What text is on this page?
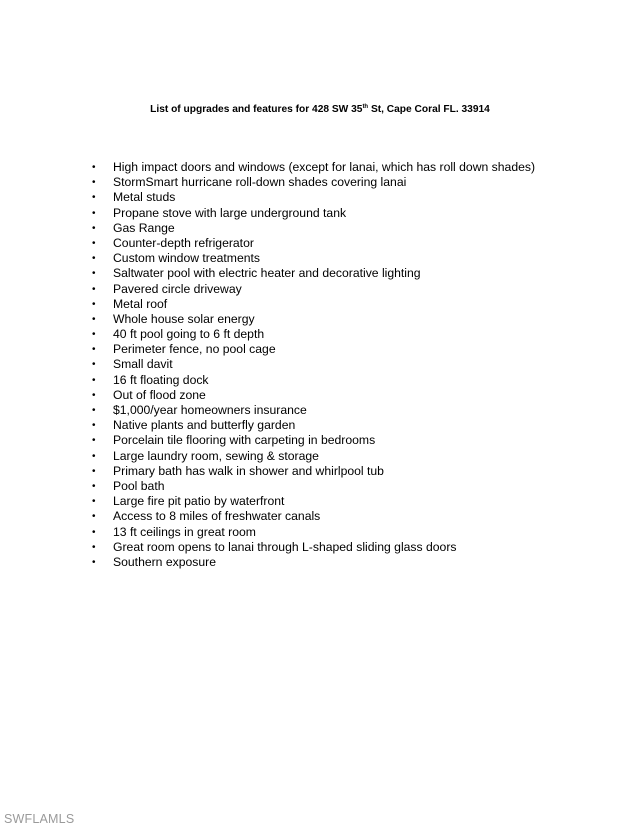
List of upgrades and features for 428 SW 35th St, Cape Coral FL. 33914
• High impact doors and windows (except for lanai, which has roll down shades)
• StormSmart hurricane roll-down shades covering lanai
• Metal studs
• Propane stove with large underground tank
• Gas Range
• Counter-depth refrigerator
• Custom window treatments
• Saltwater pool with electric heater and decorative lighting
• Pavered circle driveway
• Metal roof
• Whole house solar energy
• 40 ft pool going to 6 ft depth
• Perimeter fence, no pool cage
• Small davit
• 16 ft floating dock
• Out of flood zone
• $1,000/year homeowners insurance
• Native plants and butterfly garden
• Porcelain tile flooring with carpeting in bedrooms
• Large laundry room, sewing & storage
• Primary bath has walk in shower and whirlpool tub
• Pool bath
• Large fire pit patio by waterfront
• Access to 8 miles of freshwater canals
• 13 ft ceilings in great room
• Great room opens to lanai through L-shaped sliding glass doors
• Southern exposure
SWFLAMLS
